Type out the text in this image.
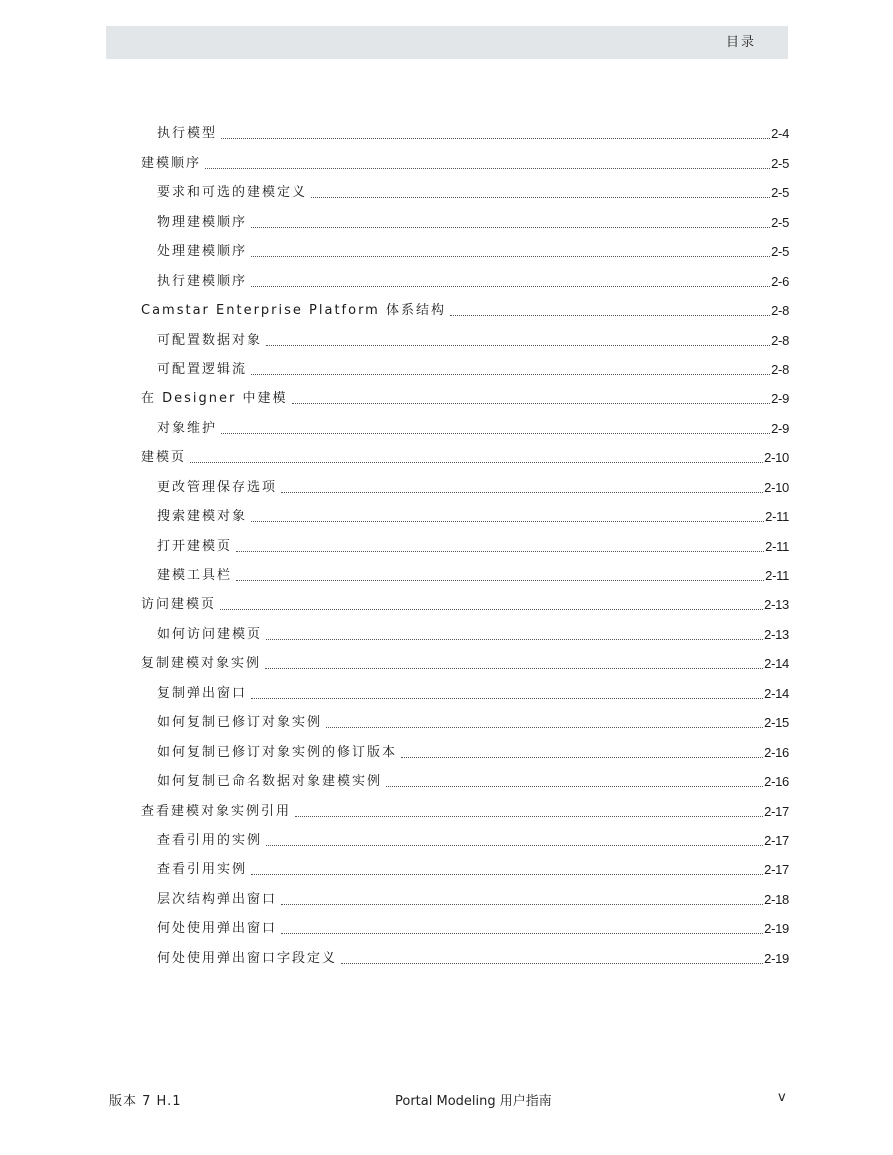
目录
执行模型	2-4
建模顺序	2-5
要求和可选的建模定义	2-5
物理建模顺序	2-5
处理建模顺序	2-5
执行建模顺序	2-6
Camstar Enterprise Platform 体系结构	2-8
可配置数据对象	2-8
可配置逻辑流	2-8
在 Designer 中建模	2-9
对象维护	2-9
建模页	2-10
更改管理保存选项	2-10
搜索建模对象	2-11
打开建模页	2-11
建模工具栏	2-11
访问建模页	2-13
如何访问建模页	2-13
复制建模对象实例	2-14
复制弹出窗口	2-14
如何复制已修订对象实例	2-15
如何复制已修订对象实例的修订版本	2-16
如何复制已命名数据对象建模实例	2-16
查看建模对象实例引用	2-17
查看引用的实例	2-17
查看引用实例	2-17
层次结构弹出窗口	2-18
何处使用弹出窗口	2-19
何处使用弹出窗口字段定义	2-19
版本 7 H.1	Portal Modeling 用户指南	v
